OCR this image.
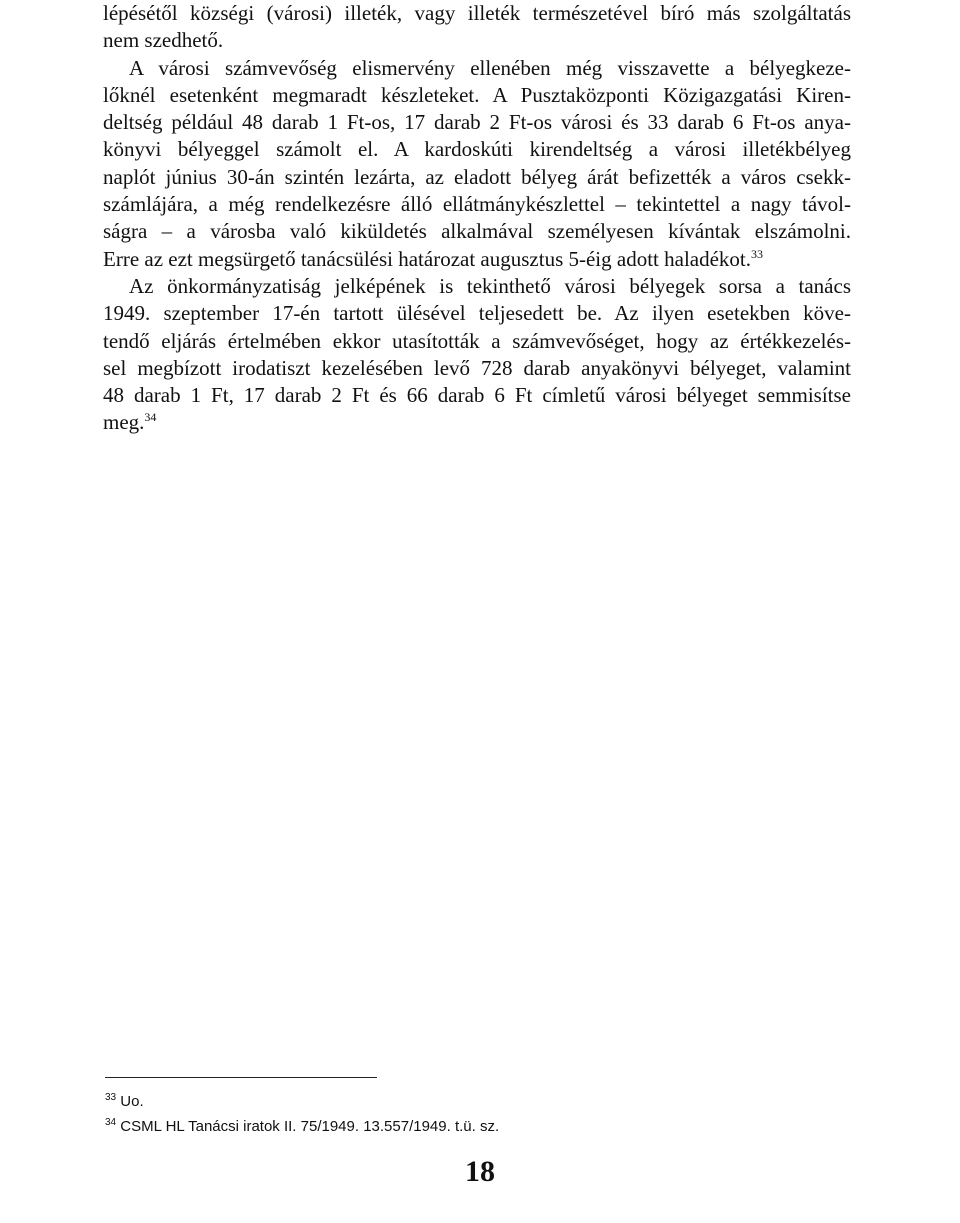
lépésétől községi (városi) illeték, vagy illeték természetével bíró más szolgáltatás
nem szedhető.

A városi számvevőség elismervény ellenében még visszavette a bélyegkeze-
lőknél esetenként megmaradt készleteket. A Pusztaközponti Közigazgatási Kiren-
deltség például 48 darab 1 Ft-os, 17 darab 2 Ft-os városi és 33 darab 6 Ft-os anya-
könyvi bélyeggel számolt el. A kardoskúti kirendeltség a városi illetékbélyeg
naplót június 30-án szintén lezárta, az eladott bélyeg árát befizették a város csekk-
számlájára, a még rendelkezésre álló ellátmánykészlettel – tekintettel a nagy távol-
ságra – a városba való kiküldetés alkalmával személyesen kívántak elszámolni.
Erre az ezt megsürgető tanácsülési határozat augusztus 5-éig adott haladékot.$^{33}$

Az önkormányzatiság jelképének is tekinthető városi bélyegek sorsa a tanács
1949. szeptember 17-én tartott ülésével teljesedett be. Az ilyen esetekben köve-
tendő eljárás értelmében ekkor utasították a számvevőséget, hogy az értékkezelés-
sel megbízott irodatiszt kezelésében levő 728 darab anyakönyvi bélyeget, valamint
48 darab 1 Ft, 17 darab 2 Ft és 66 darab 6 Ft címletű városi bélyeget semmisítse
meg.$^{34}$

$^{33}$ Uo.
$^{34}$ CSML HL Tanácsi iratok II. 75/1949. 13.557/1949. t.ü. sz.
18
